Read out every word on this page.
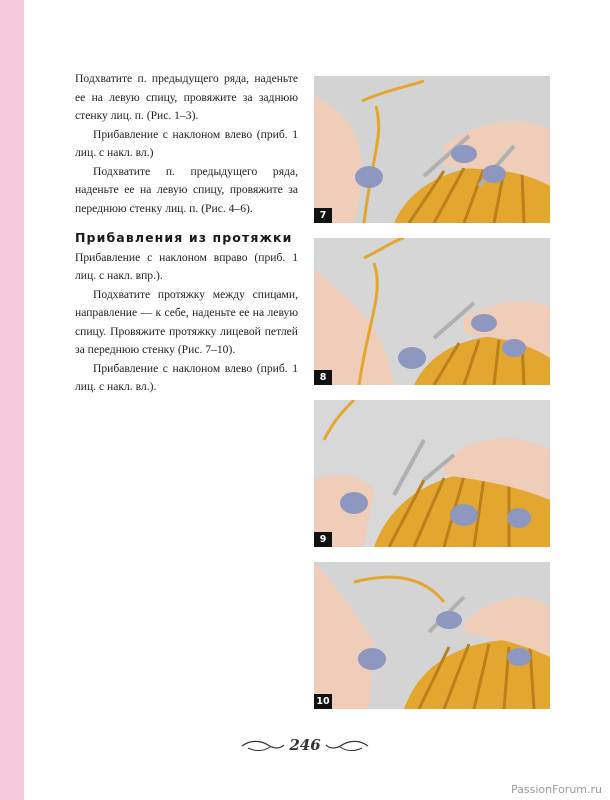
Подхватите п. предыдущего ряда, наденьте ее на левую спицу, провяжите за заднюю стенку лиц. п. (Рис. 1–3).

Прибавление с наклоном влево (приб. 1 лиц. с накл. вл.)

Подхватите п. предыдущего ряда, наденьте ее на левую спицу, провяжите за переднюю стенку лиц. п. (Рис. 4–6).

Прибавления из протяжки

Прибавление с наклоном вправо (приб. 1 лиц. с накл. впр.).

Подхватите протяжку между спицами, направление — к себе, наденьте ее на левую спицу. Провяжите протяжку лицевой петлей за переднюю стенку (Рис. 7–10).

Прибавление с наклоном влево (приб. 1 лиц. с накл. вл.).

7
8
9
10
246
PassionForum.ru
